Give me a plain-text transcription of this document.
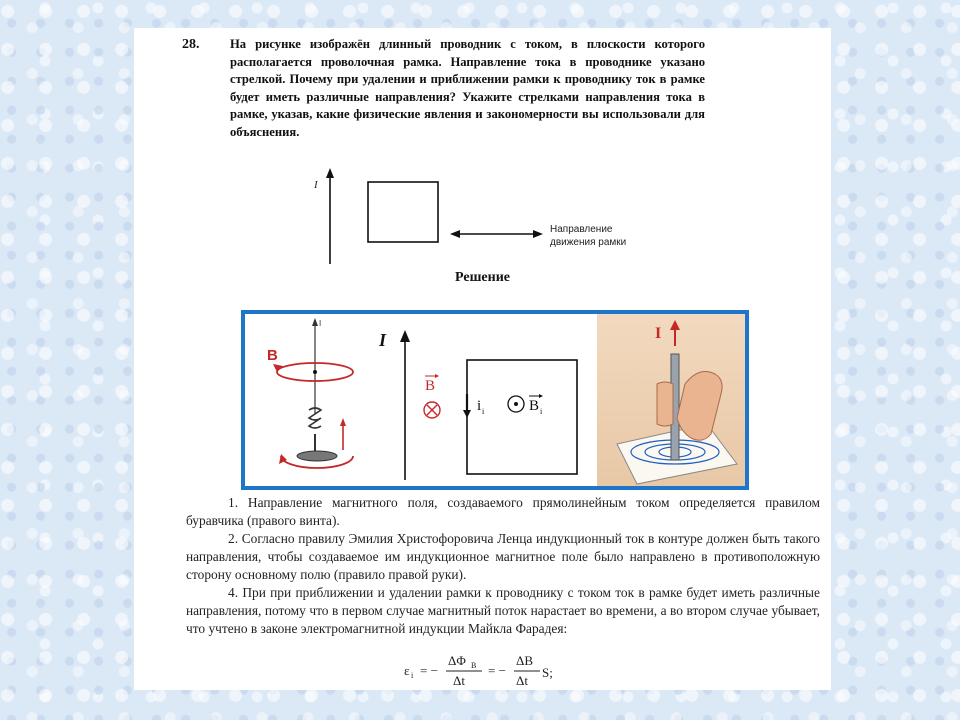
28. На рисунке изображён длинный проводник с током, в плоскости которого располагается проволочная рамка. Направление тока в проводнике указано стрелкой. Почему при удалении и приближении рамки к проводнику ток в рамке будет иметь различные направления? Укажите стрелками направления тока в рамке, указав, какие физические явления и закономерности вы использовали для объяснения.
I
Направление
движения рамки
Решение
I
B
I
B
i i	B i
I

1. Направление магнитного поля, создаваемого прямолинейным током определяется правилом буравчика (правого винта).

2. Согласно правилу Эмилия Христофоровича Ленца индукционный ток в контуре должен быть такого направления, чтобы создаваемое им индукционное магнитное поле было направлено в противоположную сторону основному полю (правило правой руки).

4. При при приближении и удалении рамки к проводнику с током ток в рамке будет иметь различные направления, потому что в первом случае магнитный поток нарастает во времени, а во втором случае убывает, что учтено в законе электромагнитной индукции Майкла Фарадея:

ε i = −
ΔΦ B
Δt
= −
ΔB
Δt
S;
